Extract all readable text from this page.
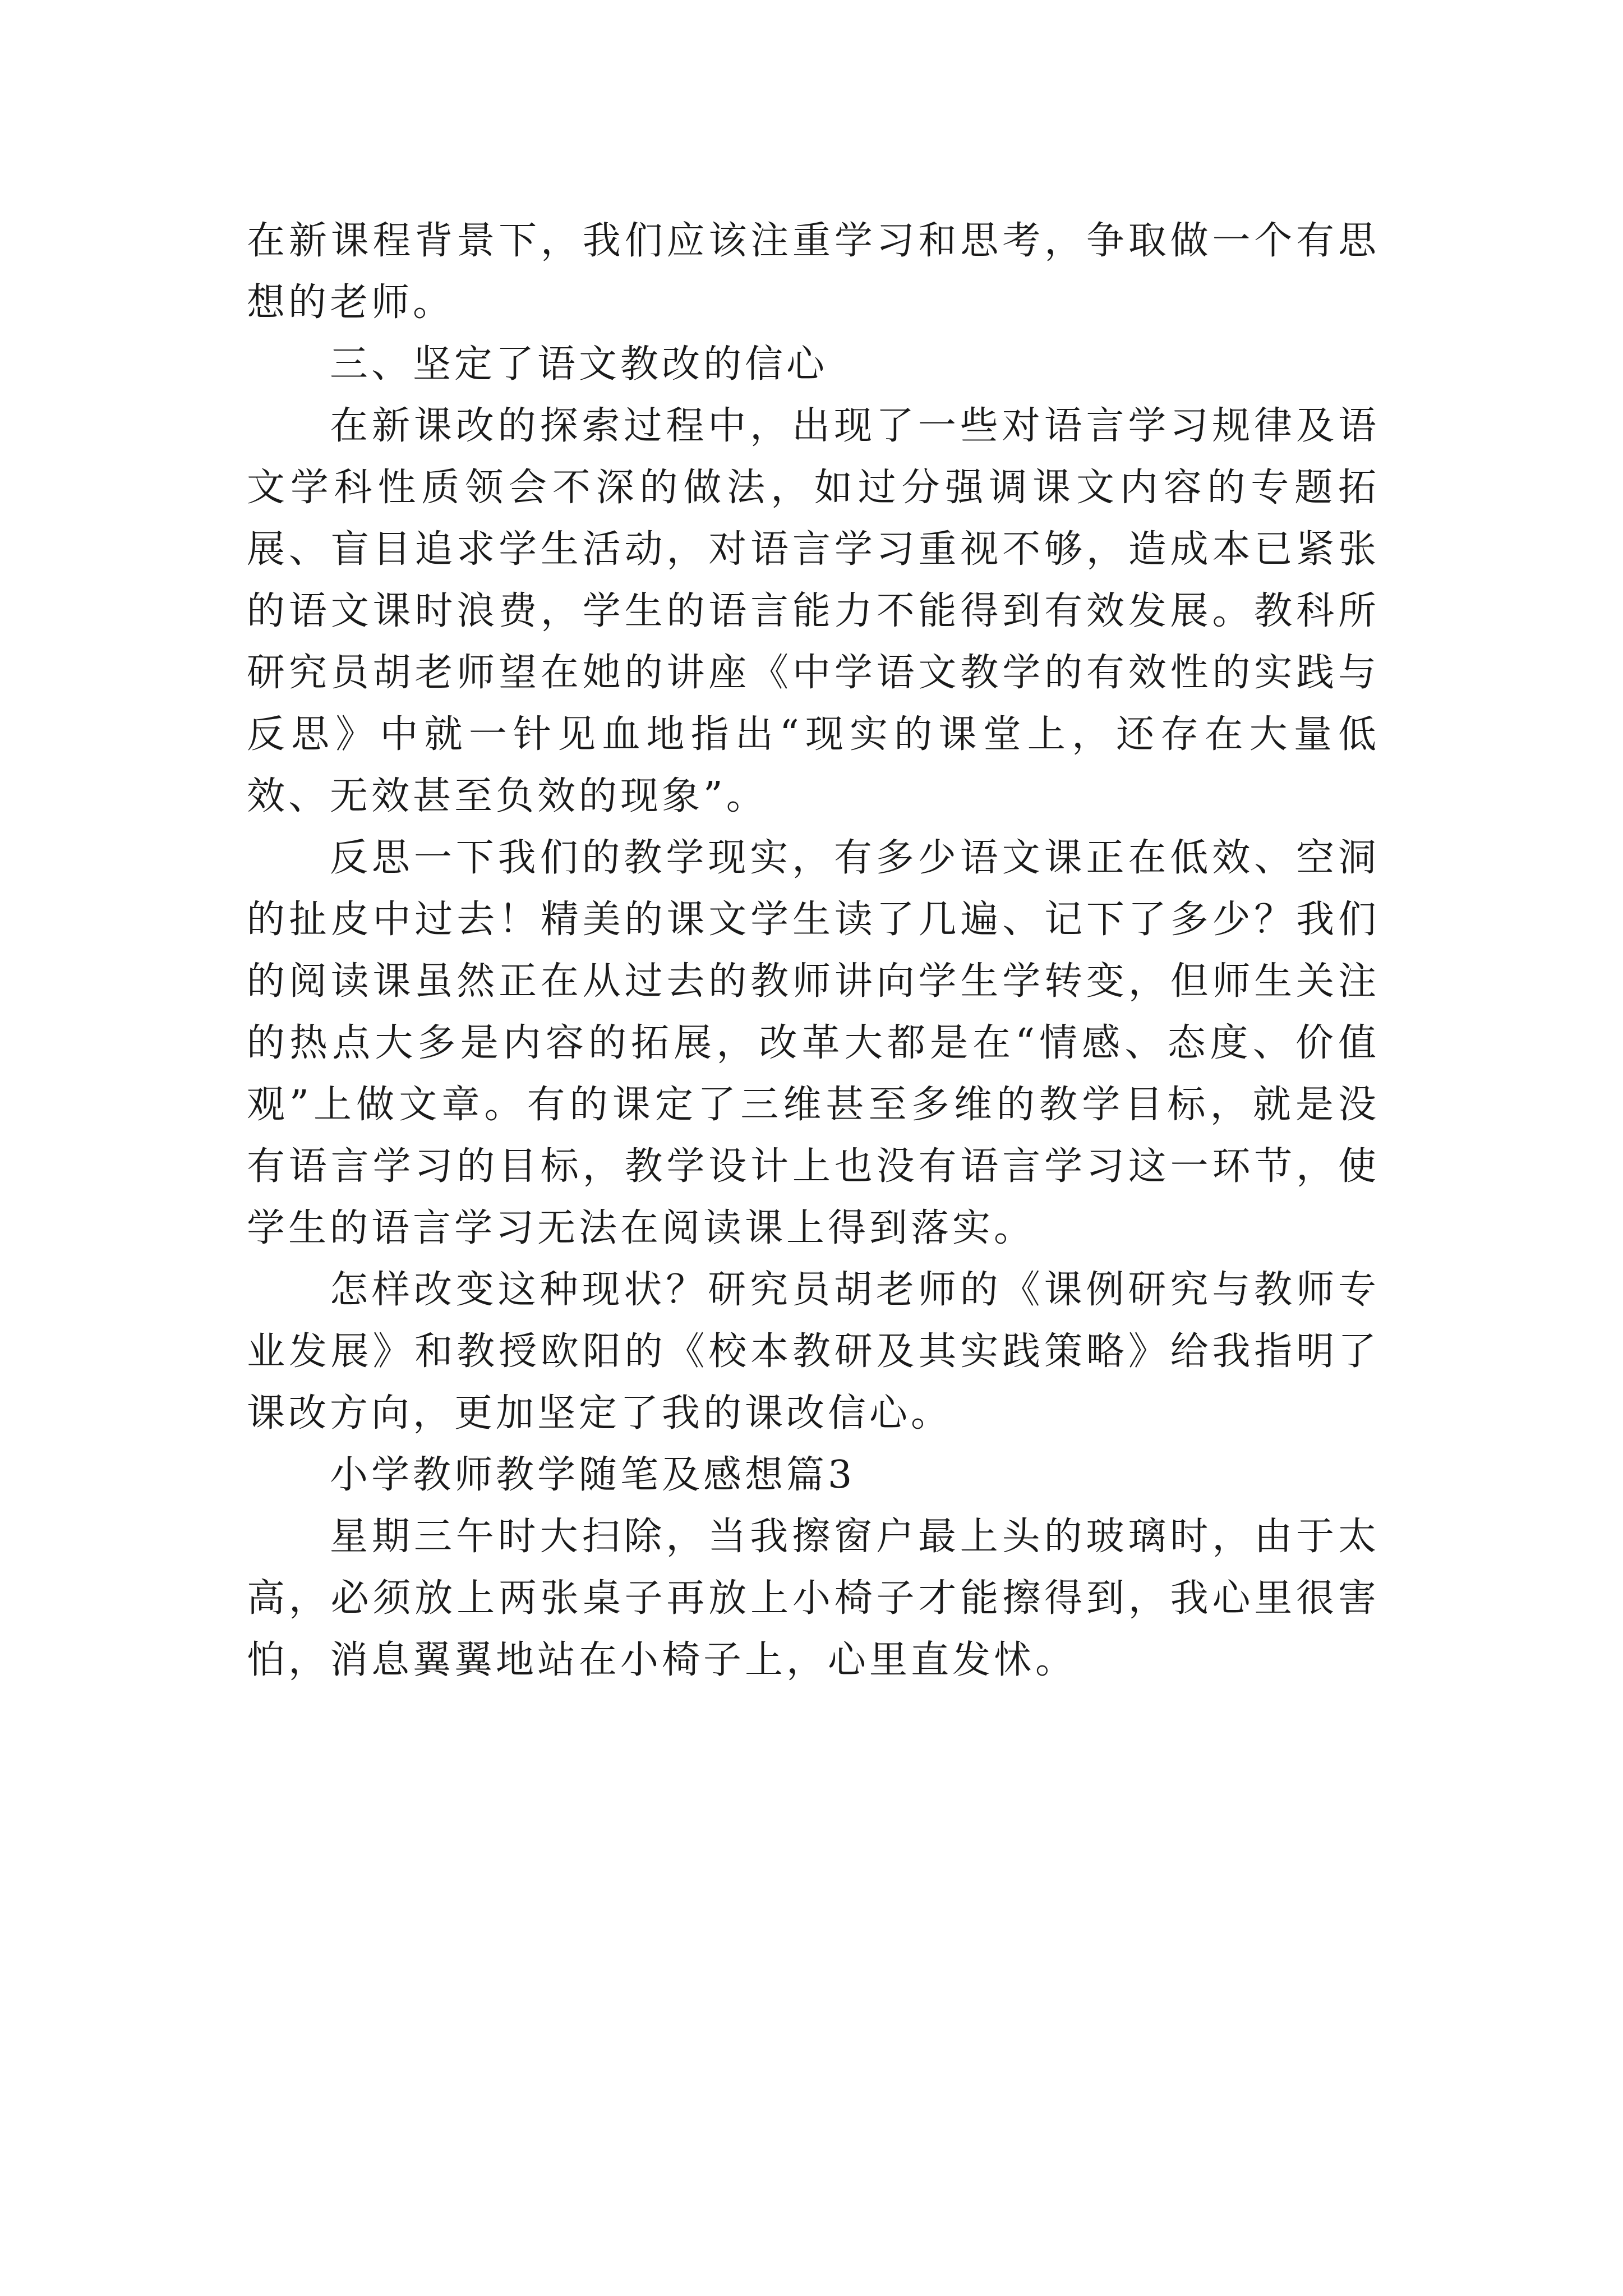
在新课程背景下，我们应该注重学习和思考，争取做一个有思想的老师。

三、坚定了语文教改的信心

在新课改的探索过程中，出现了一些对语言学习规律及语文学科性质领会不深的做法，如过分强调课文内容的专题拓展、盲目追求学生活动，对语言学习重视不够，造成本已紧张的语文课时浪费，学生的语言能力不能得到有效发展。教科所研究员胡老师望在她的讲座《中学语文教学的有效性的实践与反思》中就一针见血地指出“现实的课堂上，还存在大量低效、无效甚至负效的现象”。

反思一下我们的教学现实，有多少语文课正在低效、空洞的扯皮中过去！精美的课文学生读了几遍、记下了多少？我们的阅读课虽然正在从过去的教师讲向学生学转变，但师生关注的热点大多是内容的拓展，改革大都是在“情感、态度、价值观”上做文章。有的课定了三维甚至多维的教学目标，就是没有语言学习的目标，教学设计上也没有语言学习这一环节，使学生的语言学习无法在阅读课上得到落实。

怎样改变这种现状？研究员胡老师的《课例研究与教师专业发展》和教授欧阳的《校本教研及其实践策略》给我指明了课改方向，更加坚定了我的课改信心。

小学教师教学随笔及感想篇3

星期三午时大扫除，当我擦窗户最上头的玻璃时，由于太高，必须放上两张桌子再放上小椅子才能擦得到，我心里很害怕，消息翼翼地站在小椅子上，心里直发怵。
